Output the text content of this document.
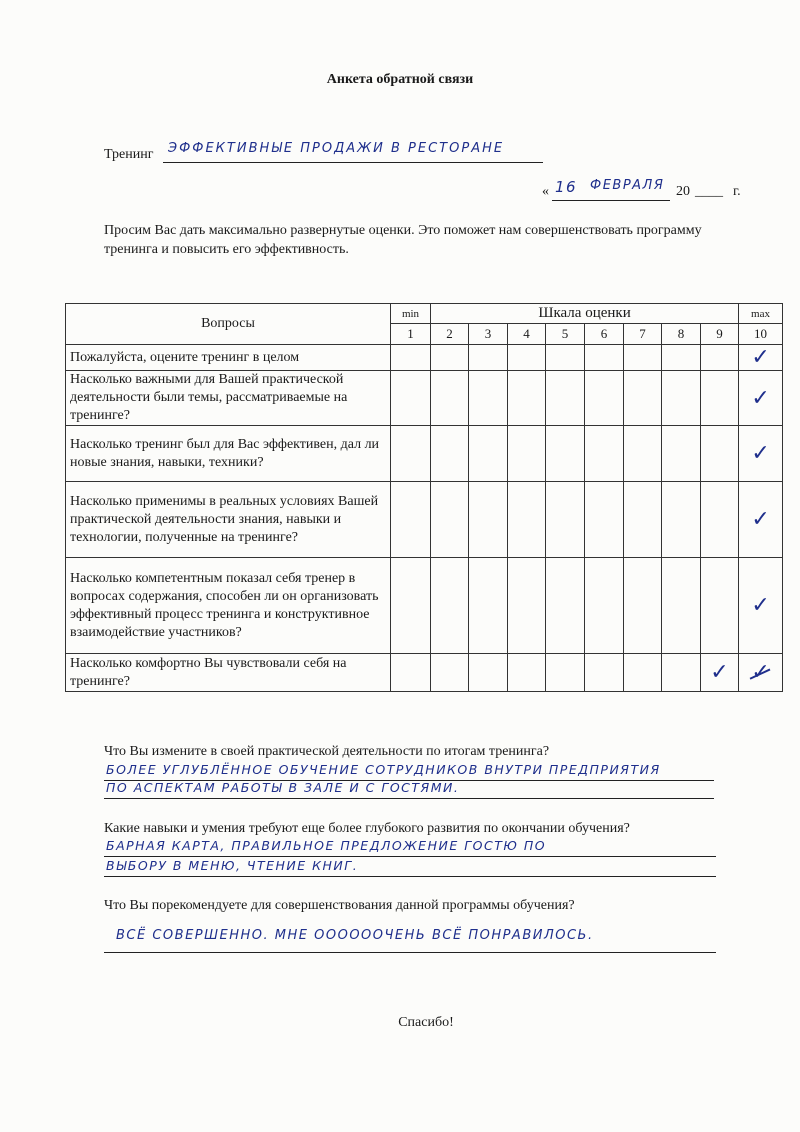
Анкета обратной связи
Тренинг ЭФФЕКТИВНЫЕ ПРОДАЖИ В РЕСТОРАНЕ
« 16 ФЕВРАЛЯ 20 ____ г.
Просим Вас дать максимально развернутые оценки. Это поможет нам совершенствовать программу тренинга и повысить его эффективность.
Вопросы	min	Шкала оценки								max
	1	2	3	4	5	6	7	8	9	10
Пожалуйста, оцените тренинг в целом										✓
Насколько важными для Вашей практической деятельности были темы, рассматриваемые на тренинге?										✓
Насколько тренинг был для Вас эффективен, дал ли новые знания, навыки, техники?										✓
Насколько применимы в реальных условиях Вашей практической деятельности знания, навыки и технологии, полученные на тренинге?										✓
Насколько компетентным показал себя тренер в вопросах содержания, способен ли он организовать эффективный процесс тренинга и конструктивное взаимодействие участников?										✓
Насколько комфортно Вы чувствовали себя на тренинге?									✓	✓
Что Вы измените в своей практической деятельности по итогам тренинга?
БОЛЕЕ УГЛУБЛЁННОЕ ОБУЧЕНИЕ СОТРУДНИКОВ ВНУТРИ ПРЕДПРИЯТИЯ
ПО АСПЕКТАМ РАБОТЫ В ЗАЛЕ И С ГОСТЯМИ.
Какие навыки и умения требуют еще более глубокого развития по окончании обучения?
БАРНАЯ КАРТА, ПРАВИЛЬНОЕ ПРЕДЛОЖЕНИЕ ГОСТЮ ПО
ВЫБОРУ В МЕНЮ, ЧТЕНИЕ КНИГ.
Что Вы порекомендуете для совершенствования данной программы обучения?
ВСЁ СОВЕРШЕННО. МНЕ ООООООЧЕНЬ ВСЁ ПОНРАВИЛОСЬ.
Спасибо!
